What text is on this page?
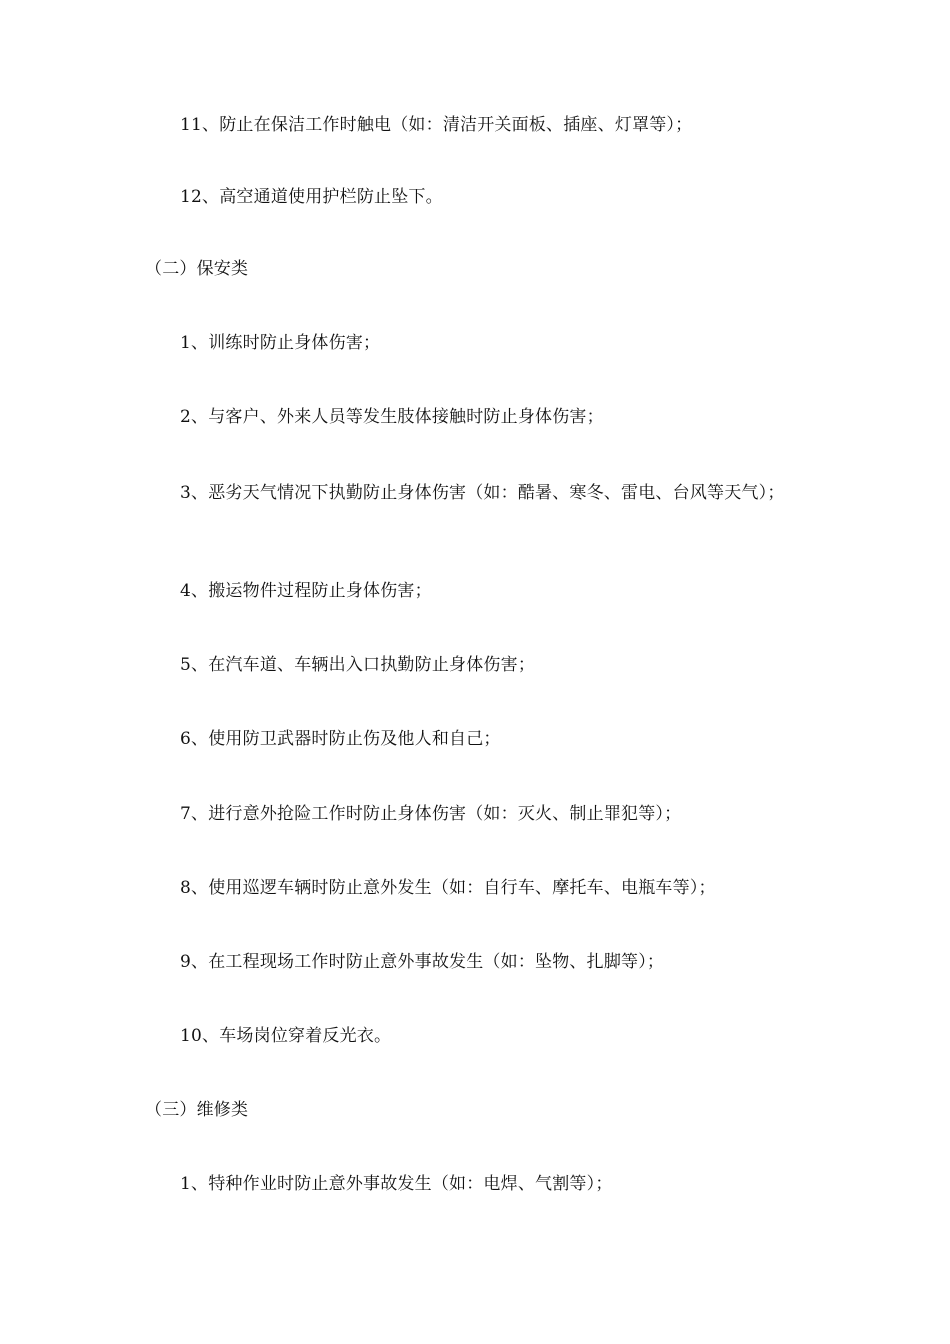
11、防止在保洁工作时触电（如：清洁开关面板、插座、灯罩等）；

12、高空通道使用护栏防止坠下。

（二）保安类

1、训练时防止身体伤害；

2、与客户、外来人员等发生肢体接触时防止身体伤害；

3、恶劣天气情况下执勤防止身体伤害（如：酷暑、寒冬、雷电、台风等天气）；

4、搬运物件过程防止身体伤害；

5、在汽车道、车辆出入口执勤防止身体伤害；

6、使用防卫武器时防止伤及他人和自己；

7、进行意外抢险工作时防止身体伤害（如：灭火、制止罪犯等）；

8、使用巡逻车辆时防止意外发生（如：自行车、摩托车、电瓶车等）；

9、在工程现场工作时防止意外事故发生（如：坠物、扎脚等）；

10、车场岗位穿着反光衣。

（三）维修类

1、特种作业时防止意外事故发生（如：电焊、气割等）；
